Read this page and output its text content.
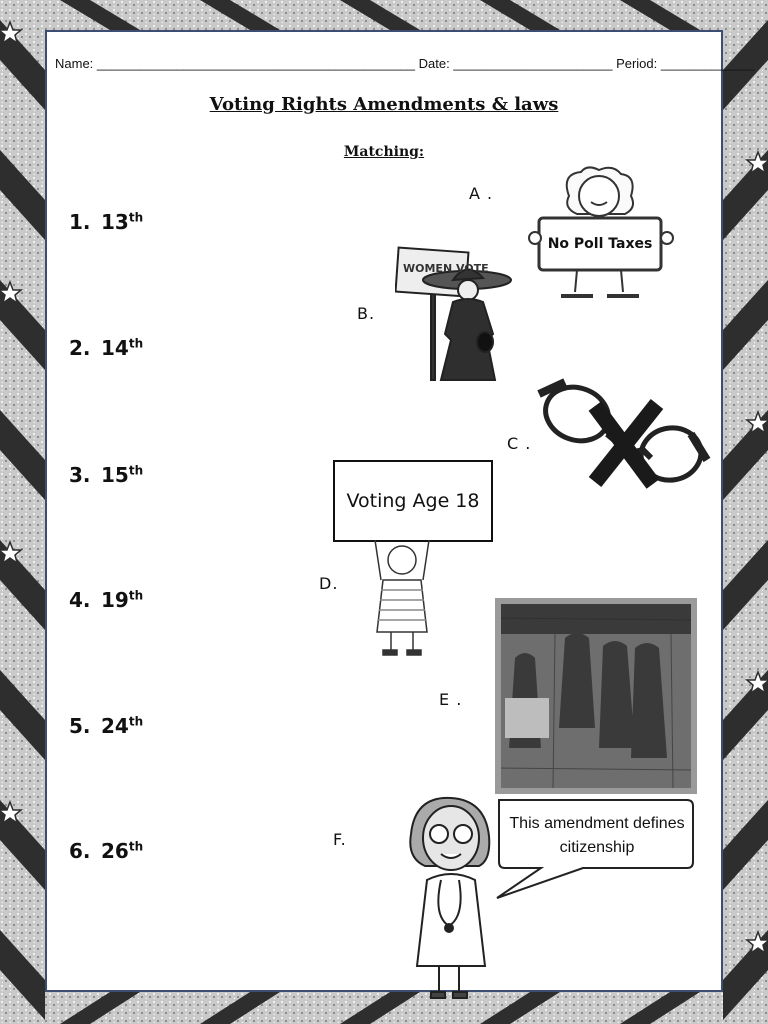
Name: ____________________________________________ Date: ______________________ Period: _____________
Voting Rights Amendments & laws
Matching:
1. 13th
2. 14th
3. 15th
4. 19th
5. 24th
6. 26th
A .
No Poll Taxes
B.
WOMEN VOTE
C .
Voting Age 18
D.
E .
F.
This amendment defines citizenship
